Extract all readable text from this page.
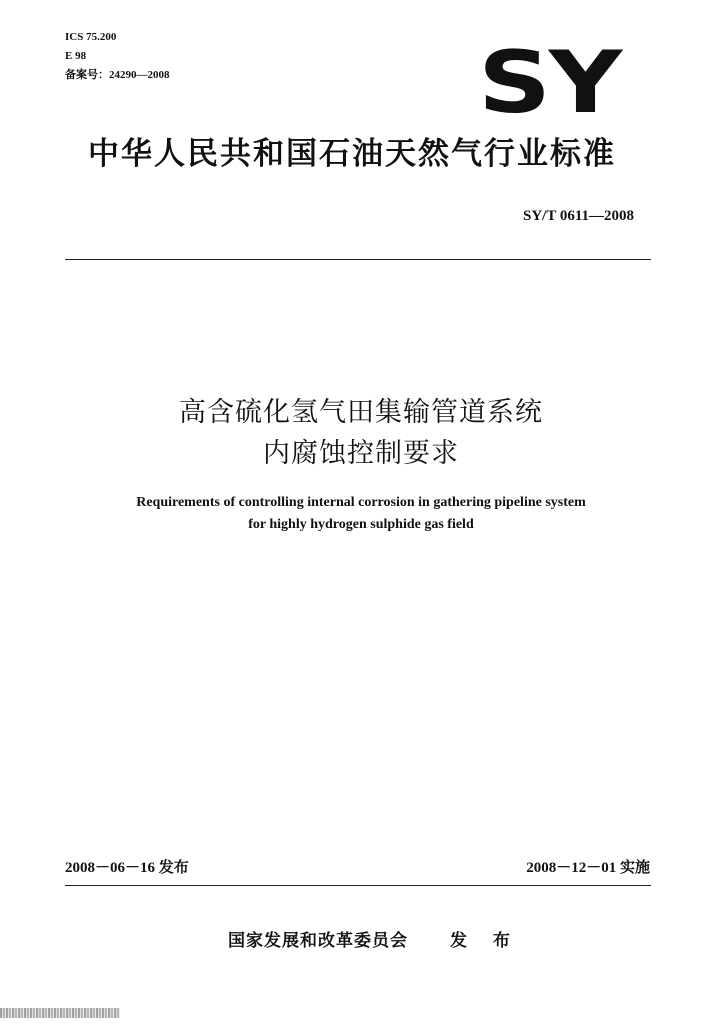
ICS 75.200
E 98
备案号：24290—2008	SY
中华人民共和国石油天然气行业标准
SY/T 0611—2008
高含硫化氢气田集输管道系统
内腐蚀控制要求
Requirements of controlling internal corrosion in gathering pipeline system
for highly hydrogen sulphide gas field
2008－06－16 发布	2008－12－01 实施
国家发展和改革委员会 发 布
